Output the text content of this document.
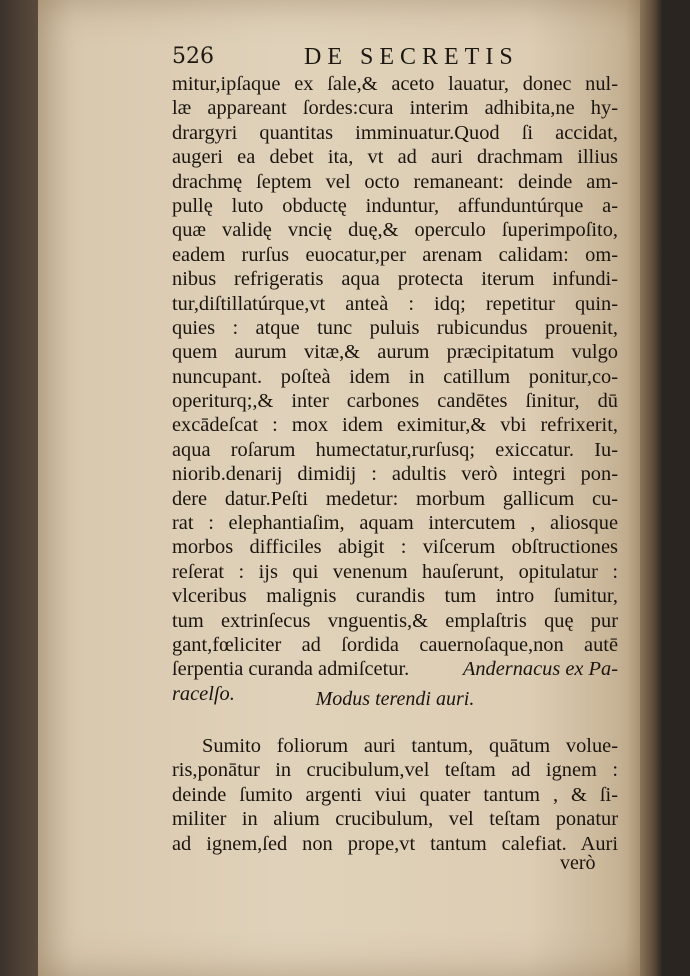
526	DE SECRETIS
mitur,ipſaque ex ſale,& aceto lauatur, donec nul-
læ appareant ſordes:cura interim adhibita,ne hy-
drargyri quantitas imminuatur.Quod ſi accidat,
augeri ea debet ita, vt ad auri drachmam illius
drachmę ſeptem vel octo remaneant: deinde am-
pullę luto obductę induntur, affunduntúrque a-
quæ validę vncię duę,& operculo ſuperimpoſito,
eadem rurſus euocatur,per arenam calidam: om-
nibus refrigeratis aqua protecta iterum infundi-
tur,diſtillatúrque,vt anteà : idq; repetitur quin-
quies : atque tunc puluis rubicundus prouenit,
quem aurum vitæ,& aurum præcipitatum vulgo
nuncupant. poſteà idem in catillum ponitur,co-
operiturq;,& inter carbones candētes ſinitur, dū
excādeſcat : mox idem eximitur,& vbi refrixerit,
aqua roſarum humectatur,rurſusq; exiccatur. Iu-
niorib.denarij dimidij : adultis verò integri pon-
dere datur.Peſti medetur: morbum gallicum cu-
rat : elephantiaſim, aquam intercutem , aliosque
morbos difficiles abigit : viſcerum obſtructiones
reſerat : ijs qui venenum hauſerunt, opitulatur :
vlceribus malignis curandis tum intro ſumitur,
tum extrinſecus vnguentis,& emplaſtris quę pur
gant,fœliciter ad ſordida cauernoſaque,non autē
ſerpentia curanda admiſcetur.	Andernacus ex Pa-
racelſo.	Modus terendi auri.
Sumito foliorum auri tantum, quātum volue-
ris,ponātur in crucibulum,vel teſtam ad ignem :
deinde ſumito argenti viui quater tantum , & ſi-
militer in alium crucibulum, vel teſtam ponatur
ad ignem,ſed non prope,vt tantum calefiat. Auri
verò
